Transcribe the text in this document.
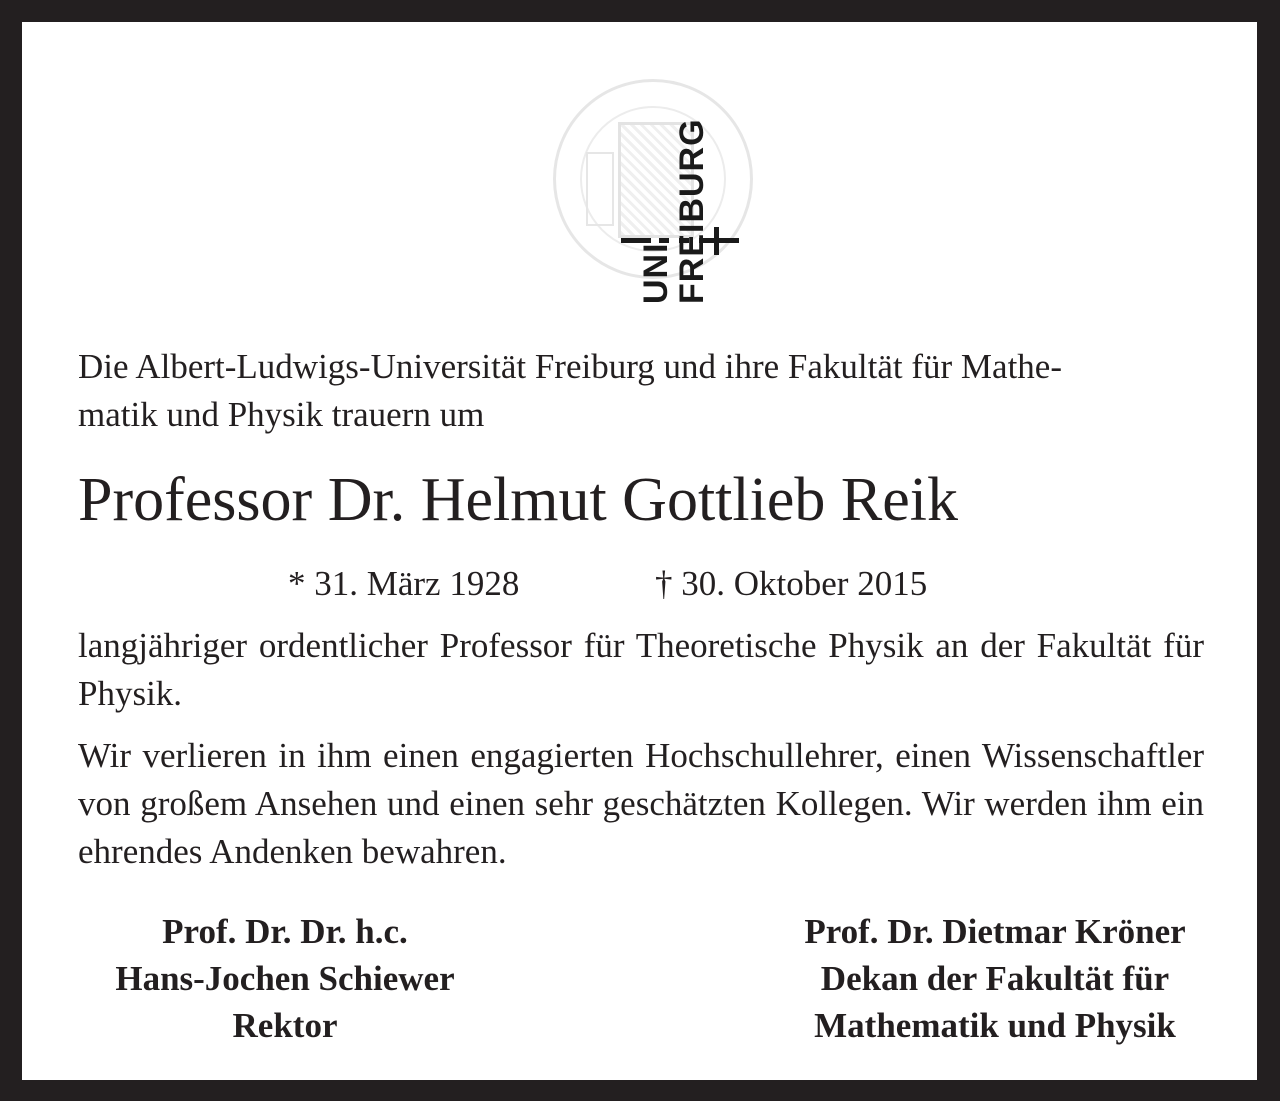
UNI
FREIBURG
Die Albert-Ludwigs-Universität Freiburg und ihre Fakultät für Mathe-
matik und Physik trauern um
Professor Dr. Helmut Gottlieb Reik
* 31. März 1928	† 30. Oktober 2015
langjähriger ordentlicher Professor für Theoretische Physik an der Fakultät für Physik.
Wir verlieren in ihm einen engagierten Hochschullehrer, einen Wissenschaftler von großem Ansehen und einen sehr geschätzten Kollegen. Wir werden ihm ein ehrendes Andenken bewahren.
Prof. Dr. Dr. h.c.
Hans-Jochen Schiewer
Rektor
Prof. Dr. Dietmar Kröner
Dekan der Fakultät für
Mathematik und Physik
